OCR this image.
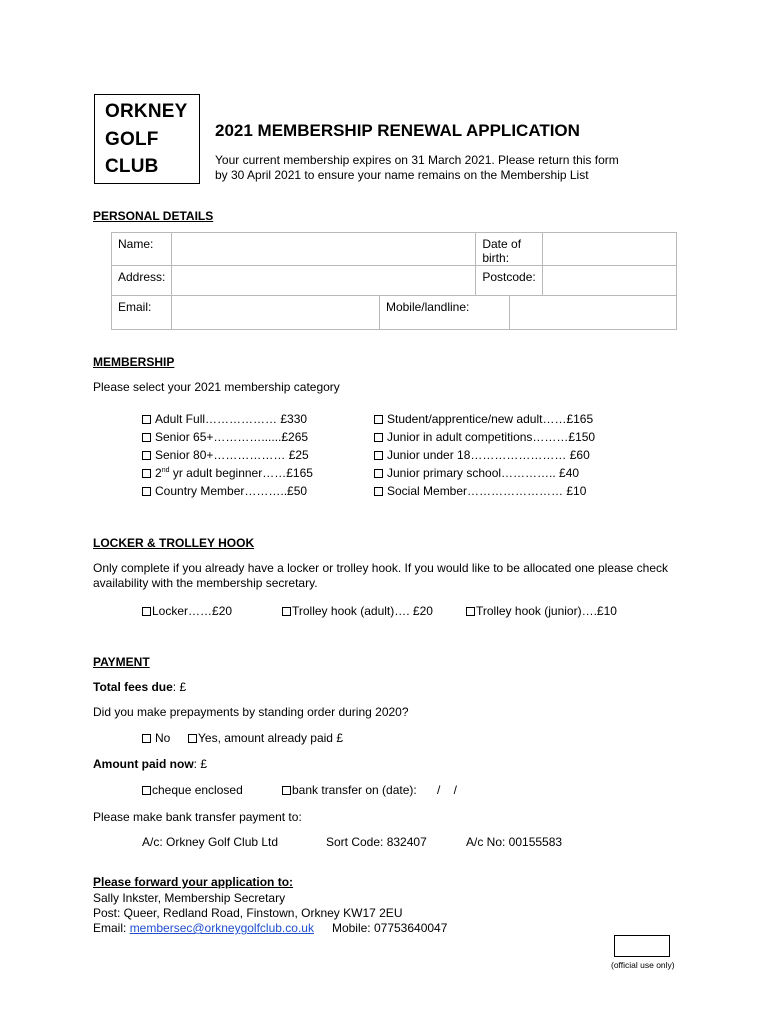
ORKNEY
GOLF
CLUB
2021 MEMBERSHIP RENEWAL APPLICATION
Your current membership expires on 31 March 2021. Please return this form
by 30 April 2021 to ensure your name remains on the Membership List
PERSONAL DETAILS
Name:			Date of birth:		
Address:			Postcode:		
Email:		Mobile/landline:			
MEMBERSHIP
Please select your 2021 membership category
Adult Full……………… £330
Senior 65+…………......£265
Senior 80+……………… £25
2nd yr adult beginner……£165
Country Member………..£50
Student/apprentice/new adult……£165
Junior in adult competitions………£150
Junior under 18…………………… £60
Junior primary school………….. £40
Social Member…………………… £10
LOCKER & TROLLEY HOOK
Only complete if you already have a locker or trolley hook. If you would like to be allocated one please check
availability with the membership secretary.
Locker……£20	Trolley hook (adult)…. £20	Trolley hook (junior)….£10
PAYMENT
Total fees due: £
Did you make prepayments by standing order during 2020?
No	Yes, amount already paid £
Amount paid now: £
cheque enclosed	bank transfer on (date): / /
Please make bank transfer payment to:
A/c: Orkney Golf Club Ltd	Sort Code: 832407	A/c No: 00155583
Please forward your application to:
Sally Inkster, Membership Secretary
Post: Queer, Redland Road, Finstown, Orkney KW17 2EU
Email: membersec@orkneygolfclub.co.uk Mobile: 07753640047
(official use only)
